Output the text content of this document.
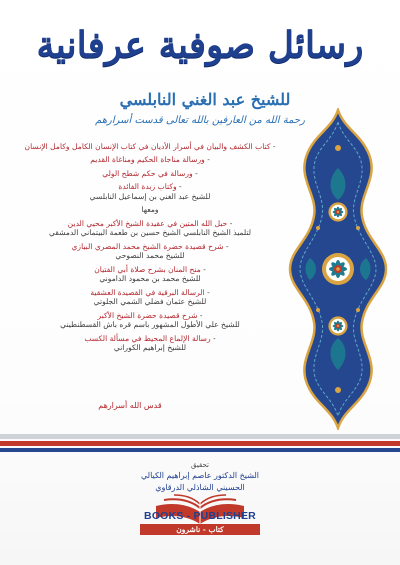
رسائل صوفية عرفانية
للشيخ عبد الغني النابلسي
رحمة الله من العارفين بالله تعالى قدست أسرارهم
- كتاب الكشف والبيان في أسرار الأديان في كتاب الإنسان الكامل وكامل الإنسان
- ورسالة مناجاة الحكيم ومناغاة القديم
- ورسالة في حكم شطح الولي
- وكتاب زبدة الفائدة
للشيخ عبد الغني بن إسماعيل النابلسي
ومعها
- حبل الله المتين في عقيدة الشيخ الأكبر محيي الدين
لتلميذ الشيخ النابلسي الشيخ حسين بن طعمة البيتماني الدمشقي
- شرح قصيدة حضرة الشيخ محمد المصري البيازي
للشيخ محمد النصوحي
- منح المنان بشرح صلاة أبي الفتيان
للشيخ محمد بن محمود الداموني
- الرسالة البرقية في القصيدة العشقية
للشيخ عثمان فضلي الشمي الجلوتي
- شرح قصيدة حضرة الشيخ الأكبر
للشيخ علي الأطول المشهور باسم قره باش القسطنطيني
- رسالة الإلماع المحيط في مسألة الكسب
للشيخ إبراهيم الكوراني
قدس الله أسرارهم
تحقيق
الشيخ الدكتور عاصم إبراهيم الكيالي
الحسيني الشاذلي الدرقاوي
BOOKS - PUBLISHER
كتاب - ناشرون
